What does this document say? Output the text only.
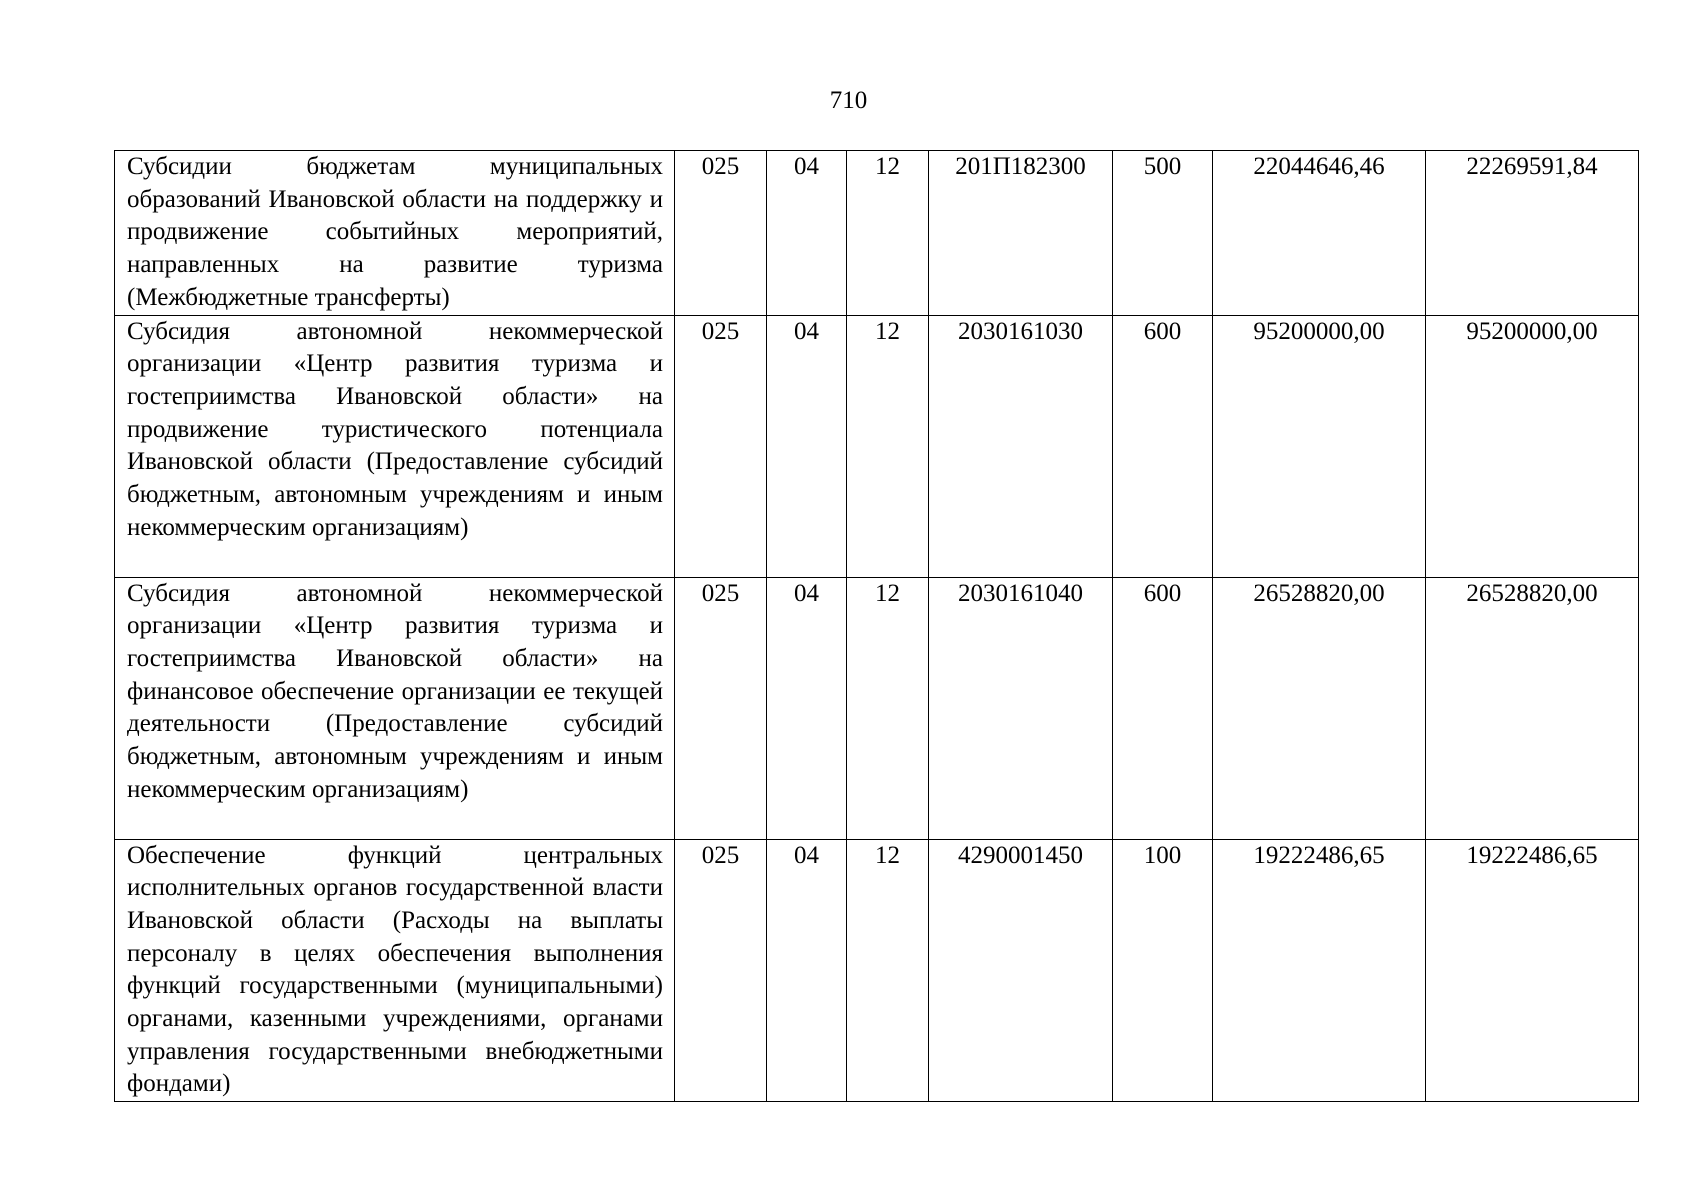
710
Субсидии бюджетам муниципальных образований Ивановской области на поддержку и продвижение событийных мероприятий, направленных на развитие туризма (Межбюджетные трансферты)	025	04	12	201П182300	500	22044646,46	22269591,84
Субсидия автономной некоммерческой организации «Центр развития туризма и гостеприимства Ивановской области» на продвижение туристического потенциала Ивановской области (Предоставление субсидий бюджетным, автономным учреждениям и иным некоммерческим организациям)	025	04	12	2030161030	600	95200000,00	95200000,00
Субсидия автономной некоммерческой организации «Центр развития туризма и гостеприимства Ивановской области» на финансовое обеспечение организации ее текущей деятельности (Предоставление субсидий бюджетным, автономным учреждениям и иным некоммерческим организациям)	025	04	12	2030161040	600	26528820,00	26528820,00
Обеспечение функций центральных исполнительных органов государственной власти Ивановской области (Расходы на выплаты персоналу в целях обеспечения выполнения функций государственными (муниципальными) органами, казенными учреждениями, органами управления государственными внебюджетными фондами)	025	04	12	4290001450	100	19222486,65	19222486,65
